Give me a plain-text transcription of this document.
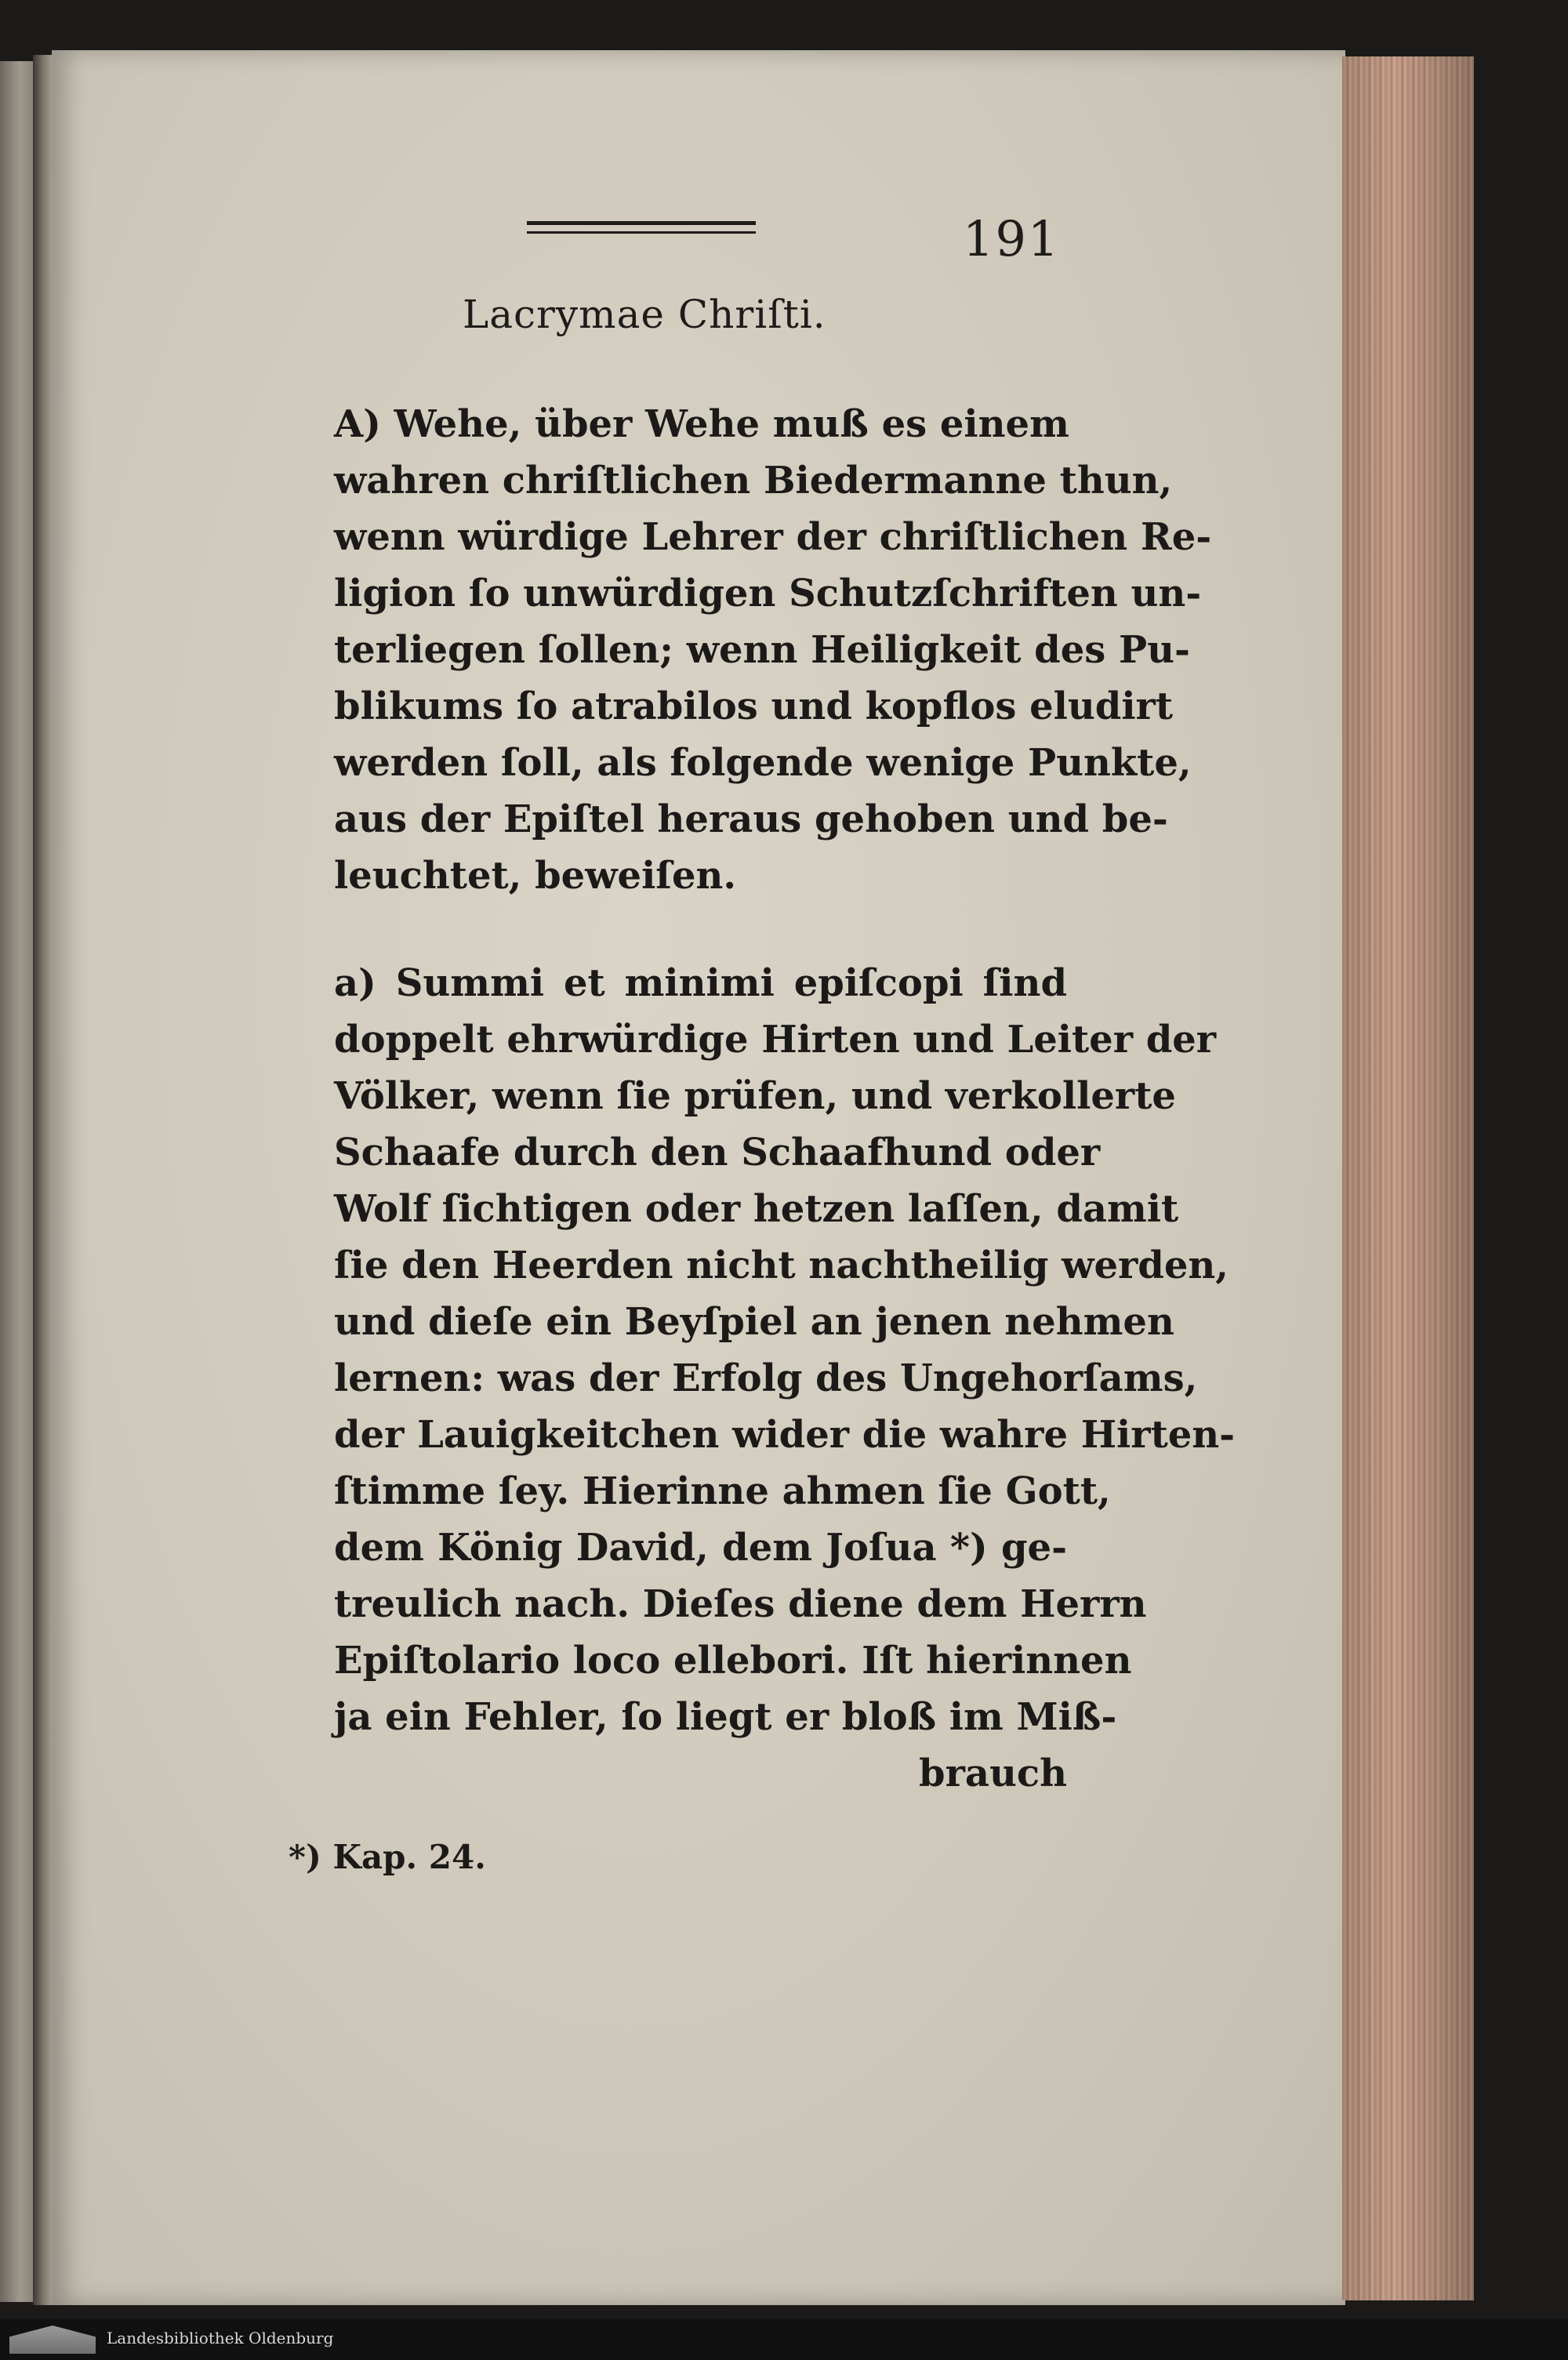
191
Lacrymae Chriſti.
A) Wehe, über Wehe muß es einem
wahren chriſtlichen Biedermanne thun,
wenn würdige Lehrer der chriſtlichen Re-
ligion ſo unwürdigen Schutzſchriften un-
terliegen ſollen; wenn Heiligkeit des Pu-
blikums ſo atrabilos und kopflos eludirt
werden ſoll, als folgende wenige Punkte,
aus der Epiſtel heraus gehoben und be-
leuchtet, beweiſen.
a) Summi et minimi epiſcopi ſind
doppelt ehrwürdige Hirten und Leiter der
Völker, wenn ſie prüfen, und verkollerte
Schaafe durch den Schaafhund oder
Wolf ſichtigen oder hetzen laſſen, damit
ſie den Heerden nicht nachtheilig werden,
und dieſe ein Beyſpiel an jenen nehmen
lernen: was der Erfolg des Ungehorſams,
der Lauigkeitchen wider die wahre Hirten-
ſtimme ſey. Hierinne ahmen ſie Gott,
dem König David, dem Joſua *) ge-
treulich nach. Dieſes diene dem Herrn
Epiſtolario loco ellebori. Iſt hierinnen
ja ein Fehler, ſo liegt er bloß im Miß-
brauch
*) Kap. 24.
Landesbibliothek Oldenburg
